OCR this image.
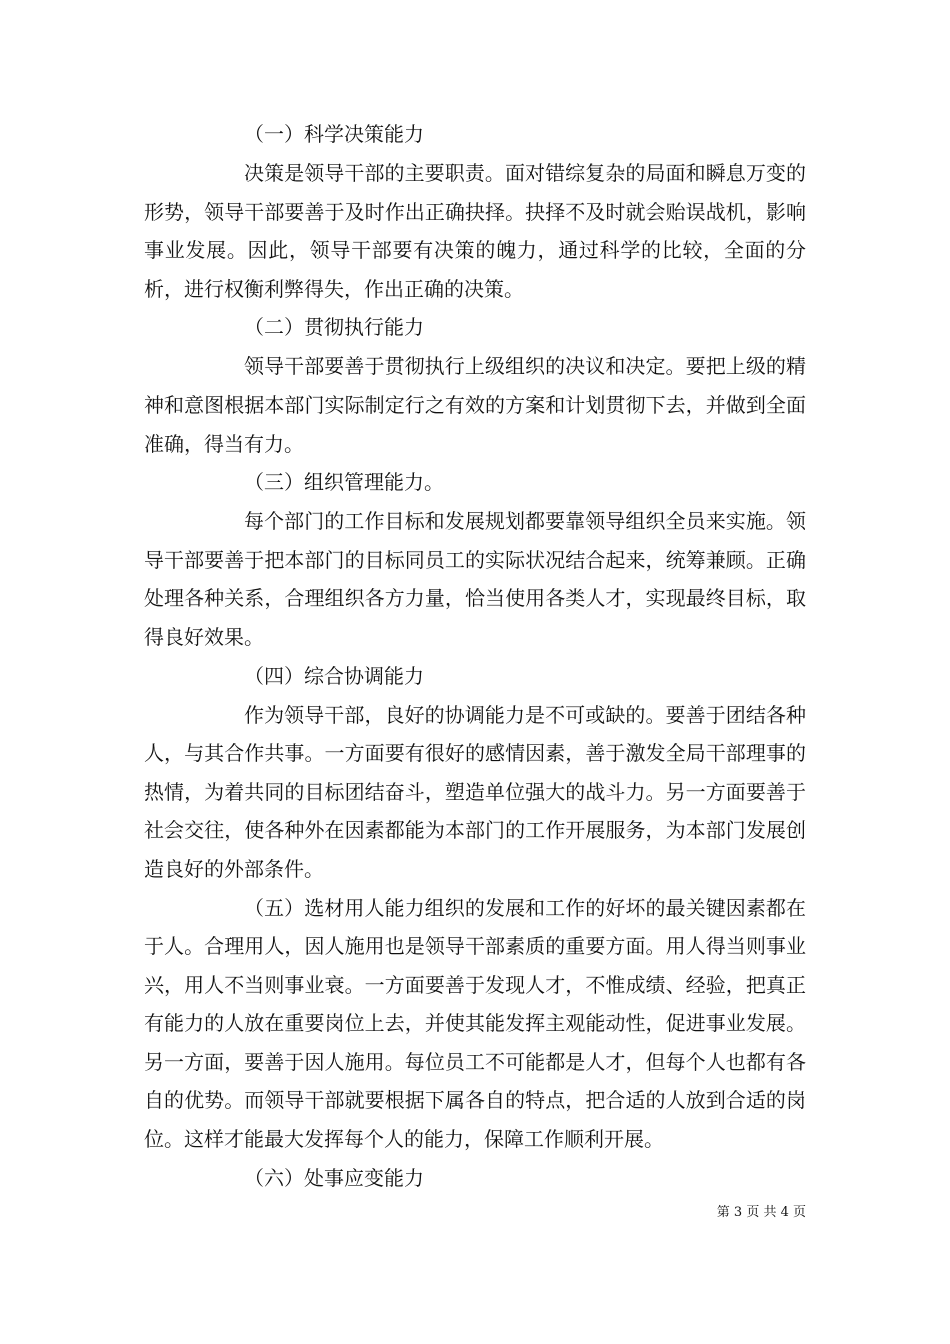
（一）科学决策能力

决策是领导干部的主要职责。面对错综复杂的局面和瞬息万变的形势，领导干部要善于及时作出正确抉择。抉择不及时就会贻误战机，影响事业发展。因此，领导干部要有决策的魄力，通过科学的比较，全面的分析，进行权衡利弊得失，作出正确的决策。

（二）贯彻执行能力

领导干部要善于贯彻执行上级组织的决议和决定。要把上级的精神和意图根据本部门实际制定行之有效的方案和计划贯彻下去，并做到全面准确，得当有力。

（三）组织管理能力。

每个部门的工作目标和发展规划都要靠领导组织全员来实施。领导干部要善于把本部门的目标同员工的实际状况结合起来，统筹兼顾。正确处理各种关系，合理组织各方力量，恰当使用各类人才，实现最终目标，取得良好效果。

（四）综合协调能力

作为领导干部，良好的协调能力是不可或缺的。要善于团结各种人，与其合作共事。一方面要有很好的感情因素，善于激发全局干部理事的热情，为着共同的目标团结奋斗，塑造单位强大的战斗力。另一方面要善于社会交往，使各种外在因素都能为本部门的工作开展服务，为本部门发展创造良好的外部条件。

（五）选材用人能力组织的发展和工作的好坏的最关键因素都在于人。合理用人，因人施用也是领导干部素质的重要方面。用人得当则事业兴，用人不当则事业衰。一方面要善于发现人才，不惟成绩、经验，把真正有能力的人放在重要岗位上去，并使其能发挥主观能动性，促进事业发展。另一方面，要善于因人施用。每位员工不可能都是人才，但每个人也都有各自的优势。而领导干部就要根据下属各自的特点，把合适的人放到合适的岗位。这样才能最大发挥每个人的能力，保障工作顺利开展。

（六）处事应变能力
第 3 页 共 4 页
